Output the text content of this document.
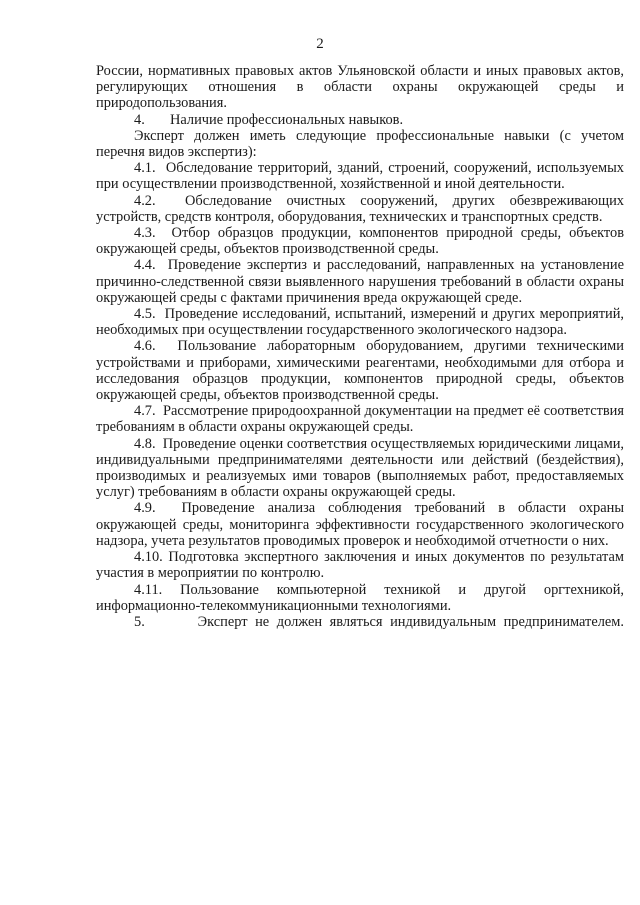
2

России, нормативных правовых актов Ульяновской области и иных правовых актов, регулирующих отношения в области охраны окружающей среды и природопользования.

4.       Наличие профессиональных навыков.

Эксперт должен иметь следующие профессиональные навыки (с учетом перечня видов экспертиз):

4.1.  Обследование территорий, зданий, строений, сооружений, используемых при осуществлении производственной, хозяйственной и иной деятельности.

4.2.  Обследование очистных сооружений, других обезвреживающих устройств, средств контроля, оборудования, технических и транспортных средств.

4.3.  Отбор образцов продукции, компонентов природной среды, объектов окружающей среды, объектов производственной среды.

4.4.  Проведение экспертиз и расследований, направленных на установление причинно-следственной связи выявленного нарушения требований в области охраны окружающей среды с фактами причинения вреда окружающей среде.

4.5.  Проведение исследований, испытаний, измерений и других мероприятий, необходимых при осуществлении государственного экологического надзора.

4.6.  Пользование лабораторным оборудованием, другими техническими устройствами и приборами, химическими реагентами, необходимыми для отбора и исследования образцов продукции, компонентов природной среды, объектов окружающей среды, объектов производственной среды.

4.7.  Рассмотрение природоохранной документации на предмет её соответствия требованиям в области охраны окружающей среды.

4.8.  Проведение оценки соответствия осуществляемых юридическими лицами, индивидуальными предпринимателями деятельности или действий (бездействия), производимых и реализуемых ими товаров (выполняемых работ, предоставляемых услуг) требованиям в области охраны окружающей среды.

4.9.  Проведение анализа соблюдения требований в области охраны окружающей среды, мониторинга эффективности государственного экологического надзора, учета результатов проводимых проверок и необходимой отчетности о них.

4.10. Подготовка экспертного заключения и иных документов по результатам участия в мероприятии по контролю.

4.11. Пользование компьютерной техникой и другой оргтехникой, информационно-телекоммуникационными технологиями.

5.       Эксперт не должен являться индивидуальным предпринимателем.
